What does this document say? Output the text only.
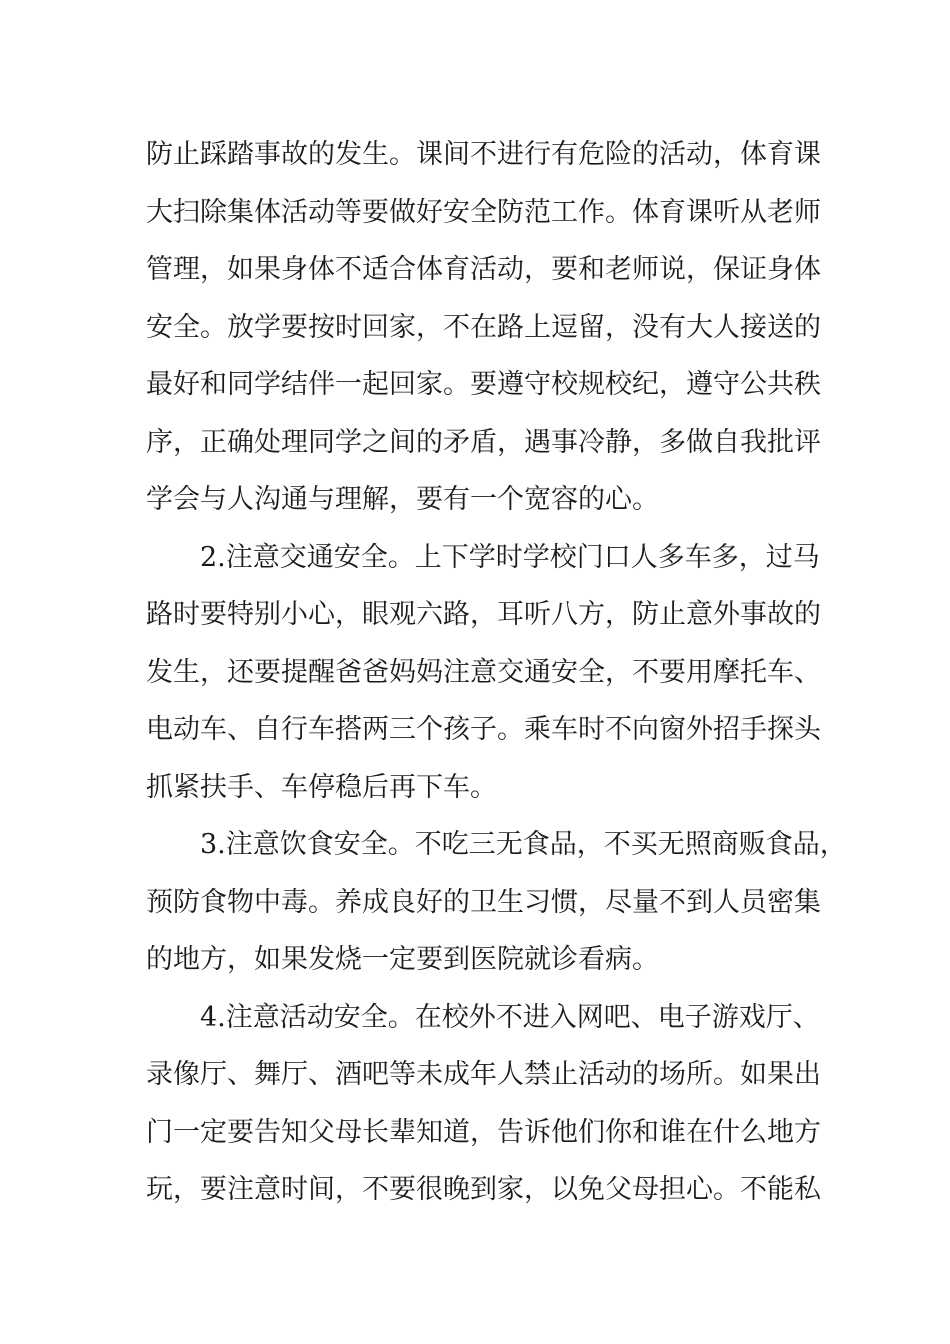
防止踩踏事故的发生。课间不进行有危险的活动，体育课
大扫除集体活动等要做好安全防范工作。体育课听从老师
管理，如果身体不适合体育活动，要和老师说，保证身体
安全。放学要按时回家，不在路上逗留，没有大人接送的
最好和同学结伴一起回家。要遵守校规校纪，遵守公共秩
序，正确处理同学之间的矛盾，遇事冷静，多做自我批评
学会与人沟通与理解，要有一个宽容的心。
2.注意交通安全。上下学时学校门口人多车多，过马
路时要特别小心，眼观六路，耳听八方，防止意外事故的
发生，还要提醒爸爸妈妈注意交通安全，不要用摩托车、
电动车、自行车搭两三个孩子。乘车时不向窗外招手探头
抓紧扶手、车停稳后再下车。
3.注意饮食安全。不吃三无食品，不买无照商贩食品，
预防食物中毒。养成良好的卫生习惯，尽量不到人员密集
的地方，如果发烧一定要到医院就诊看病。
4.注意活动安全。在校外不进入网吧、电子游戏厅、
录像厅、舞厅、酒吧等未成年人禁止活动的场所。如果出
门一定要告知父母长辈知道，告诉他们你和谁在什么地方
玩，要注意时间，不要很晚到家，以免父母担心。不能私
